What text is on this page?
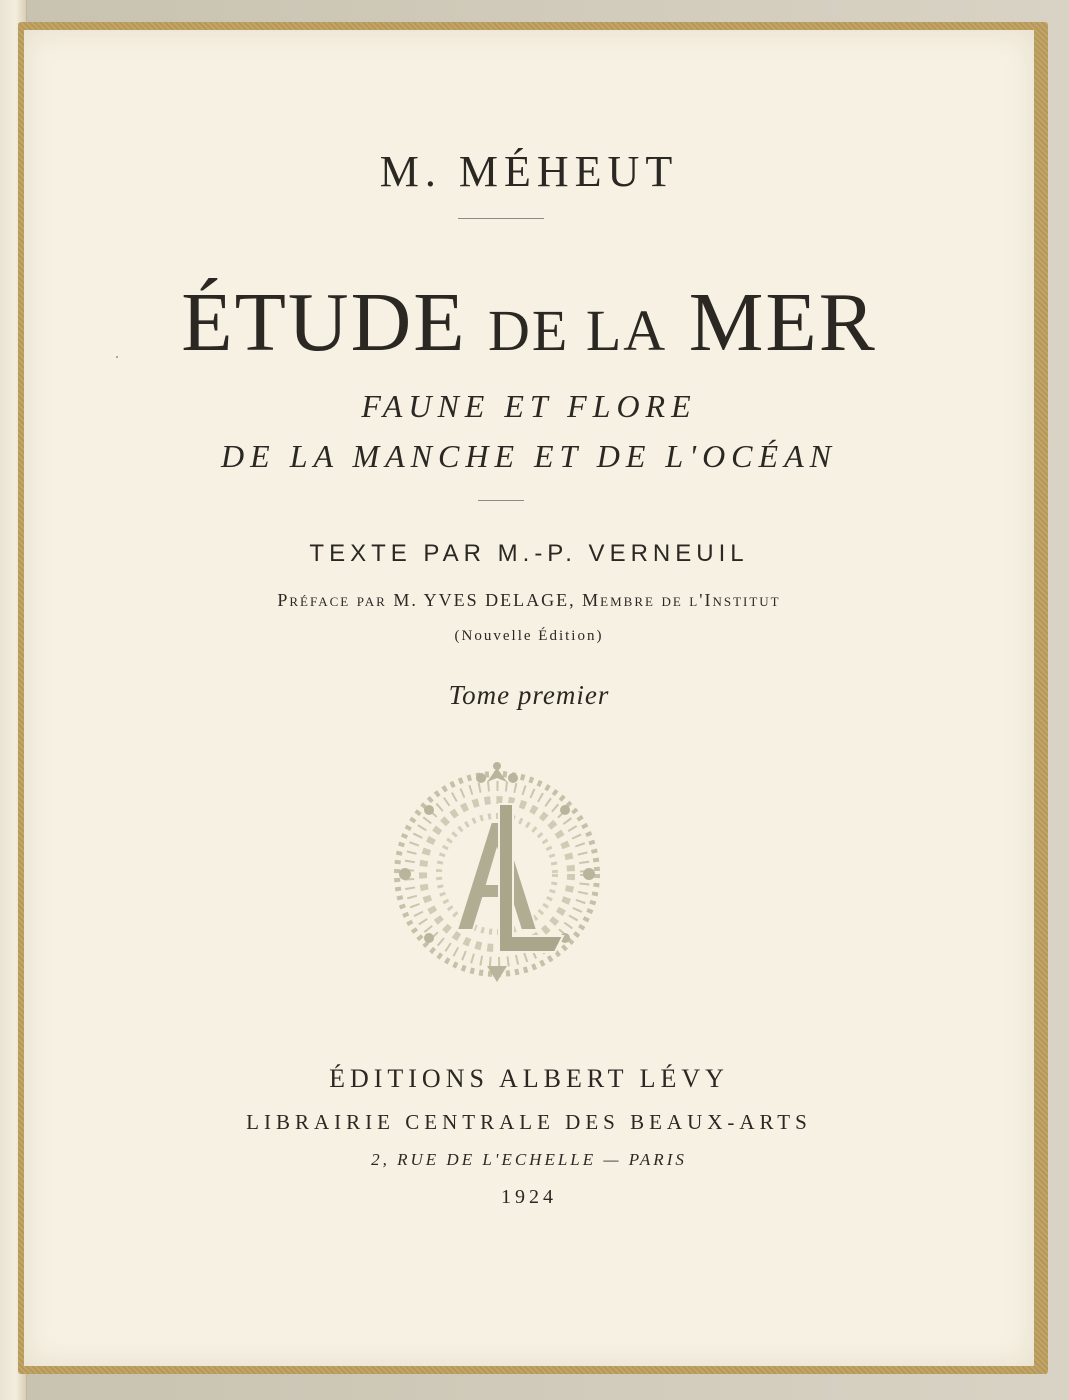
M. MÉHEUT
ÉTUDE DE LA MER
FAUNE ET FLORE
DE LA MANCHE ET DE L'OCÉAN
TEXTE PAR M.-P. VERNEUIL
Préface par M. YVES DELAGE, Membre de l'Institut
(Nouvelle Édition)
Tome premier
ÉDITIONS ALBERT LÉVY
LIBRAIRIE CENTRALE DES BEAUX-ARTS
2, RUE DE L'ECHELLE — PARIS
1924
